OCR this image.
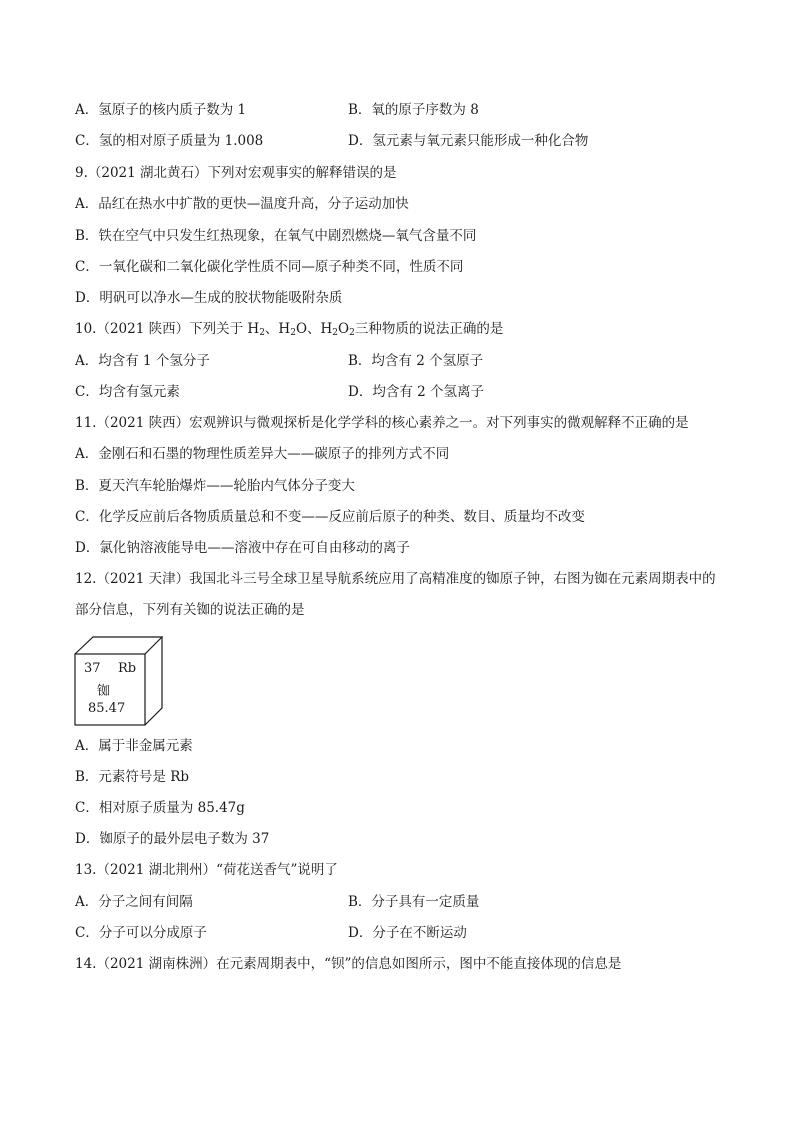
A．氢原子的核内质子数为 1	B．氧的原子序数为 8
C．氢的相对原子质量为 1.008	D．氢元素与氧元素只能形成一种化合物
9.（2021 湖北黄石）下列对宏观事实的解释错误的是
A．品红在热水中扩散的更快—温度升高，分子运动加快
B．铁在空气中只发生红热现象，在氧气中剧烈燃烧—氧气含量不同
C．一氧化碳和二氧化碳化学性质不同—原子种类不同，性质不同
D．明矾可以净水—生成的胶状物能吸附杂质
10.（2021 陕西）下列关于 $H_2$、$H_2O$、$H_2O_2$三种物质的说法正确的是
A．均含有 1 个氢分子	B．均含有 2 个氢原子
C．均含有氢元素	D．均含有 2 个氢离子
11.（2021 陕西）宏观辨识与微观探析是化学学科的核心素养之一。对下列事实的微观解释不正确的是
A．金刚石和石墨的物理性质差异大——碳原子的排列方式不同
B．夏天汽车轮胎爆炸——轮胎内气体分子变大
C．化学反应前后各物质质量总和不变——反应前后原子的种类、数目、质量均不改变
D．氯化钠溶液能导电——溶液中存在可自由移动的离子
12.（2021 天津）我国北斗三号全球卫星导航系统应用了高精准度的铷原子钟，右图为铷在元素周期表中的
部分信息，下列有关铷的说法正确的是
37 Rb
铷
85.47
A．属于非金属元素
B．元素符号是 Rb
C．相对原子质量为 85.47g
D．铷原子的最外层电子数为 37
13.（2021 湖北荆州）“荷花送香气”说明了
A．分子之间有间隔	B．分子具有一定质量
C．分子可以分成原子	D．分子在不断运动
14.（2021 湖南株洲）在元素周期表中，“钡”的信息如图所示，图中不能直接体现的信息是
